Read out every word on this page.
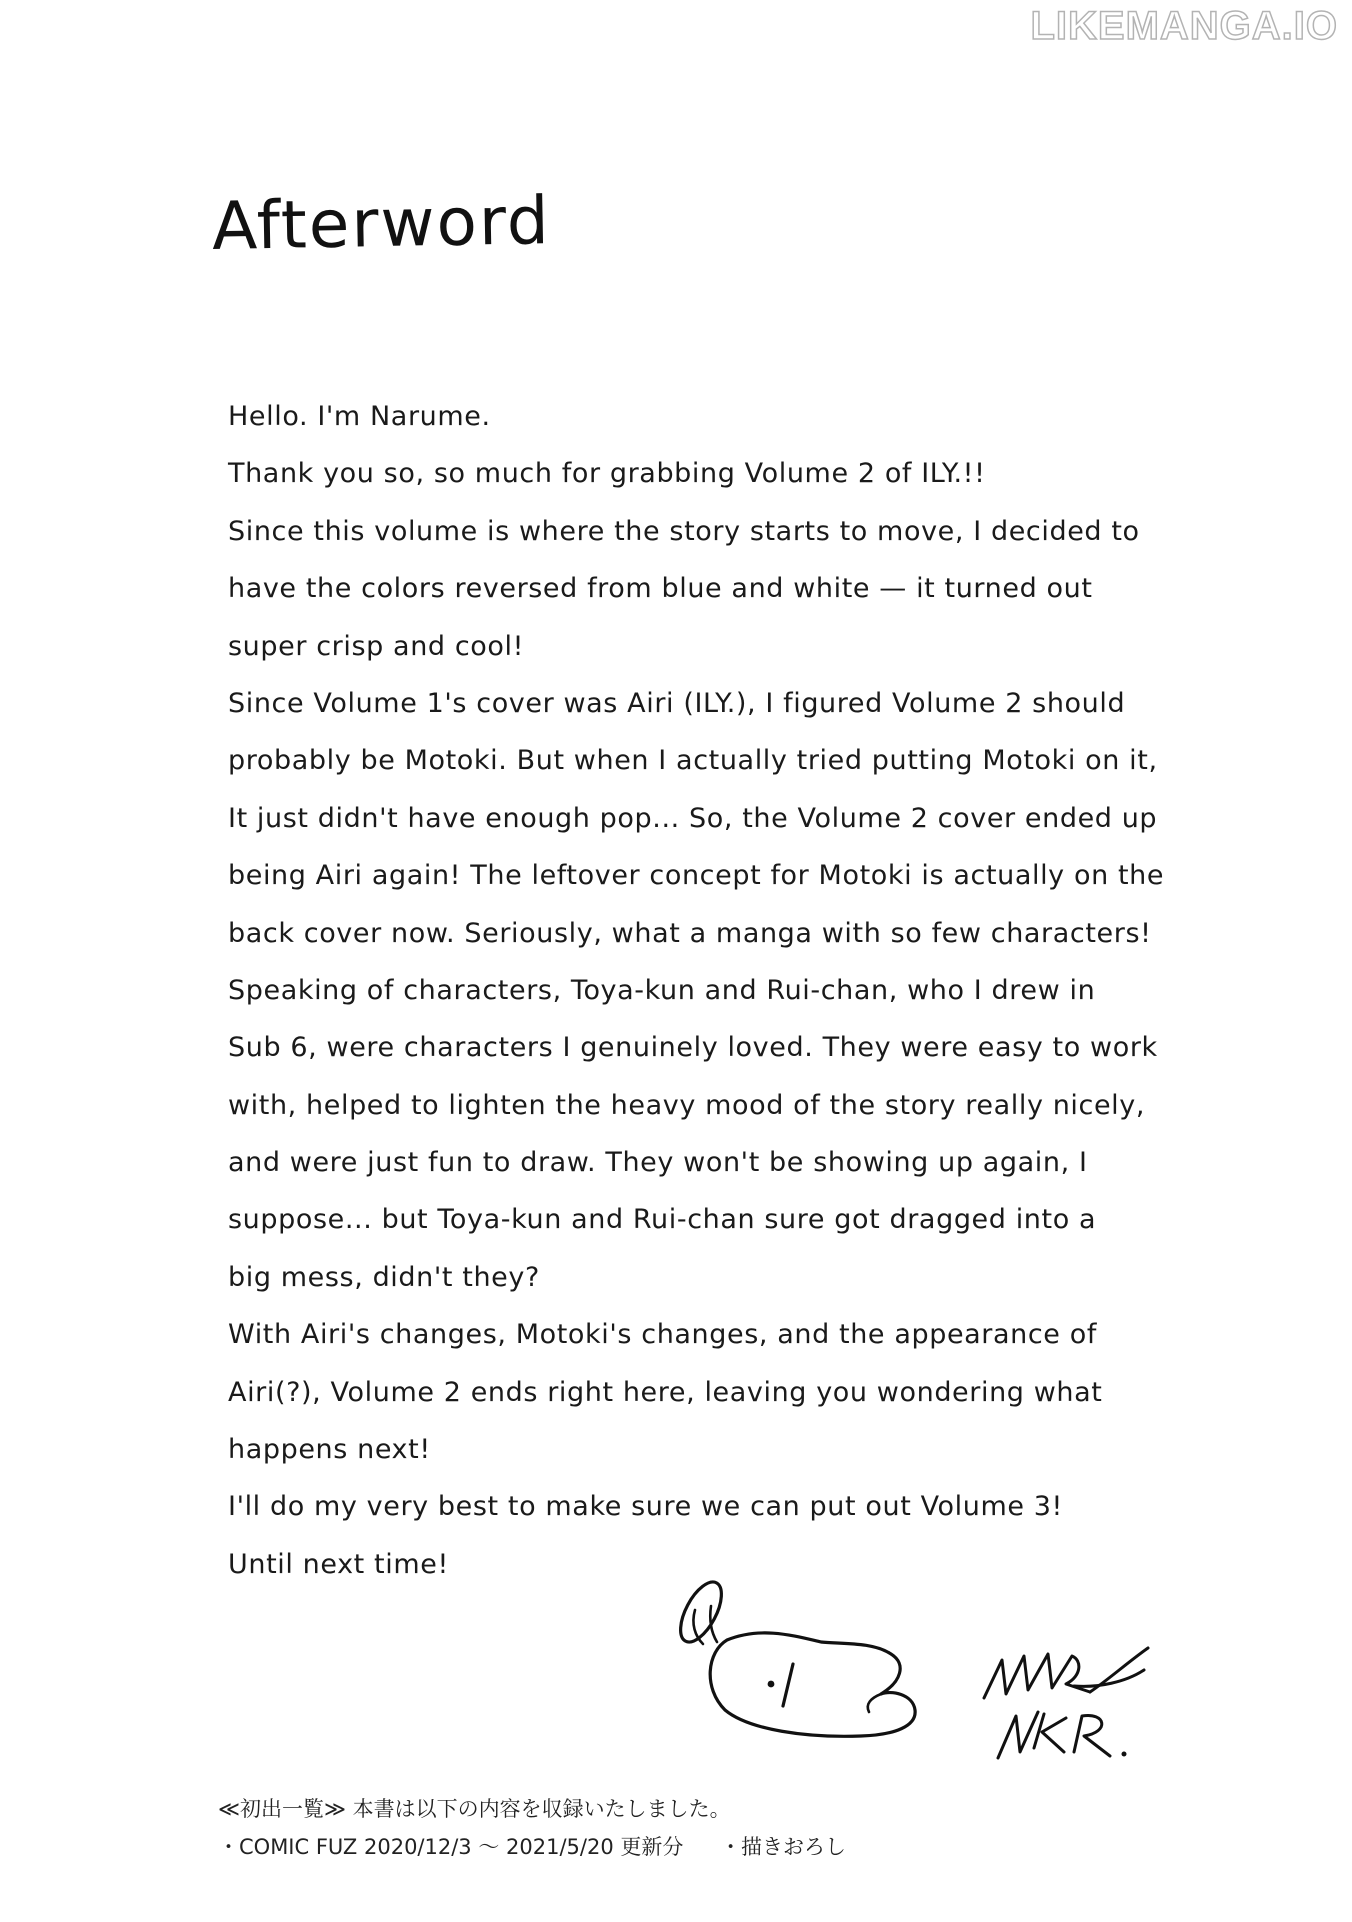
LIKEMANGA.IO
Afterword
Hello. I'm Narume.
Thank you so, so much for grabbing Volume 2 of ILY.!!
Since this volume is where the story starts to move, I decided to
have the colors reversed from blue and white — it turned out
super crisp and cool!
Since Volume 1's cover was Airi (ILY.), I figured Volume 2 should
probably be Motoki. But when I actually tried putting Motoki on it,
It just didn't have enough pop... So, the Volume 2 cover ended up
being Airi again! The leftover concept for Motoki is actually on the
back cover now. Seriously, what a manga with so few characters!
Speaking of characters, Toya-kun and Rui-chan, who I drew in
Sub 6, were characters I genuinely loved. They were easy to work
with, helped to lighten the heavy mood of the story really nicely,
and were just fun to draw. They won't be showing up again, I
suppose... but Toya-kun and Rui-chan sure got dragged into a
big mess, didn't they?
With Airi's changes, Motoki's changes, and the appearance of
Airi(?), Volume 2 ends right here, leaving you wondering what
happens next!
I'll do my very best to make sure we can put out Volume 3!
Until next time!
NRM NKR.
≪初出一覧≫ 本書は以下の内容を収録いたしました。
・COMIC FUZ 2020/12/3 〜 2021/5/20 更新分 ・描きおろし
